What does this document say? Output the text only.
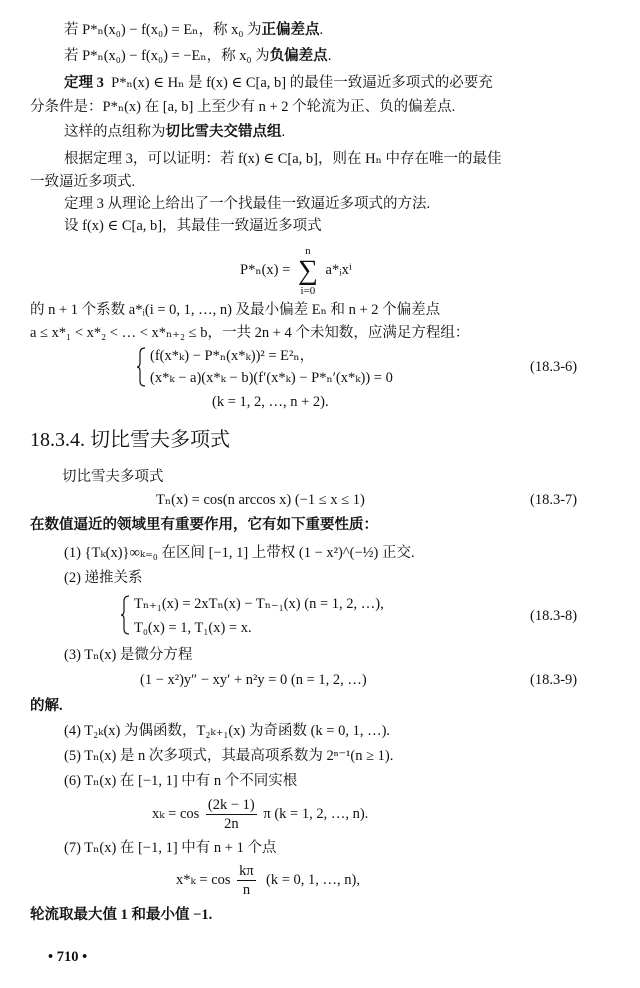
若 P*ₙ(x₀) − f(x₀) = Eₙ，称 x₀ 为正偏差点.
若 P*ₙ(x₀) − f(x₀) = −Eₙ，称 x₀ 为负偏差点.
定理 3 P*ₙ(x) ∈ Hₙ 是 f(x) ∈ C[a, b] 的最佳一致逼近多项式的必要充
分条件是：P*ₙ(x) 在 [a, b] 上至少有 n + 2 个轮流为正、负的偏差点.
这样的点组称为切比雪夫交错点组.
根据定理 3，可以证明：若 f(x) ∈ C[a, b]，则在 Hₙ 中存在唯一的最佳
一致逼近多项式.
定理 3 从理论上给出了一个找最佳一致逼近多项式的方法.
设 f(x) ∈ C[a, b]，其最佳一致逼近多项式
P*ₙ(x) = n
∑
i=0 a*ᵢxⁱ
的 n + 1 个系数 a*ᵢ(i = 0, 1, …, n) 及最小偏差 Eₙ 和 n + 2 个偏差点
a ≤ x*₁ < x*₂ < … < x*ₙ₊₂ ≤ b，一共 2n + 4 个未知数，应满足方程组：
(f(x*ₖ) − P*ₙ(x*ₖ))² = E²ₙ，
(x*ₖ − a)(x*ₖ − b)(f′(x*ₖ) − P*ₙ′(x*ₖ)) = 0
(18.3-6)
(k = 1, 2, …, n + 2).
18.3.4. 切比雪夫多项式
切比雪夫多项式
Tₙ(x) = cos(n arccos x) (−1 ≤ x ≤ 1)	(18.3-7)
在数值逼近的领域里有重要作用，它有如下重要性质：
(1) {Tₖ(x)}∞ₖ₌₀ 在区间 [−1, 1] 上带权 (1 − x²)^(−½) 正交.
(2) 递推关系
Tₙ₊₁(x) = 2xTₙ(x) − Tₙ₋₁(x) (n = 1, 2, …),
T₀(x) = 1, T₁(x) = x.
(18.3-8)
(3) Tₙ(x) 是微分方程
(1 − x²)y″ − xy′ + n²y = 0 (n = 1, 2, …)	(18.3-9)
的解.
(4) T₂ₖ(x) 为偶函数，T₂ₖ₊₁(x) 为奇函数 (k = 0, 1, …).
(5) Tₙ(x) 是 n 次多项式，其最高项系数为 2ⁿ⁻¹(n ≥ 1).
(6) Tₙ(x) 在 [−1, 1] 中有 n 个不同实根
$x_k = \cos \frac{(2k - 1)}{2n}$ π (k = 1, 2, …, n).
(7) Tₙ(x) 在 [−1, 1] 中有 n + 1 个点
$x*_k = \cos \frac{k\pi}{n} (k = 0$, 1, …, n),
轮流取最大值 1 和最小值 −1.
• 710 •
